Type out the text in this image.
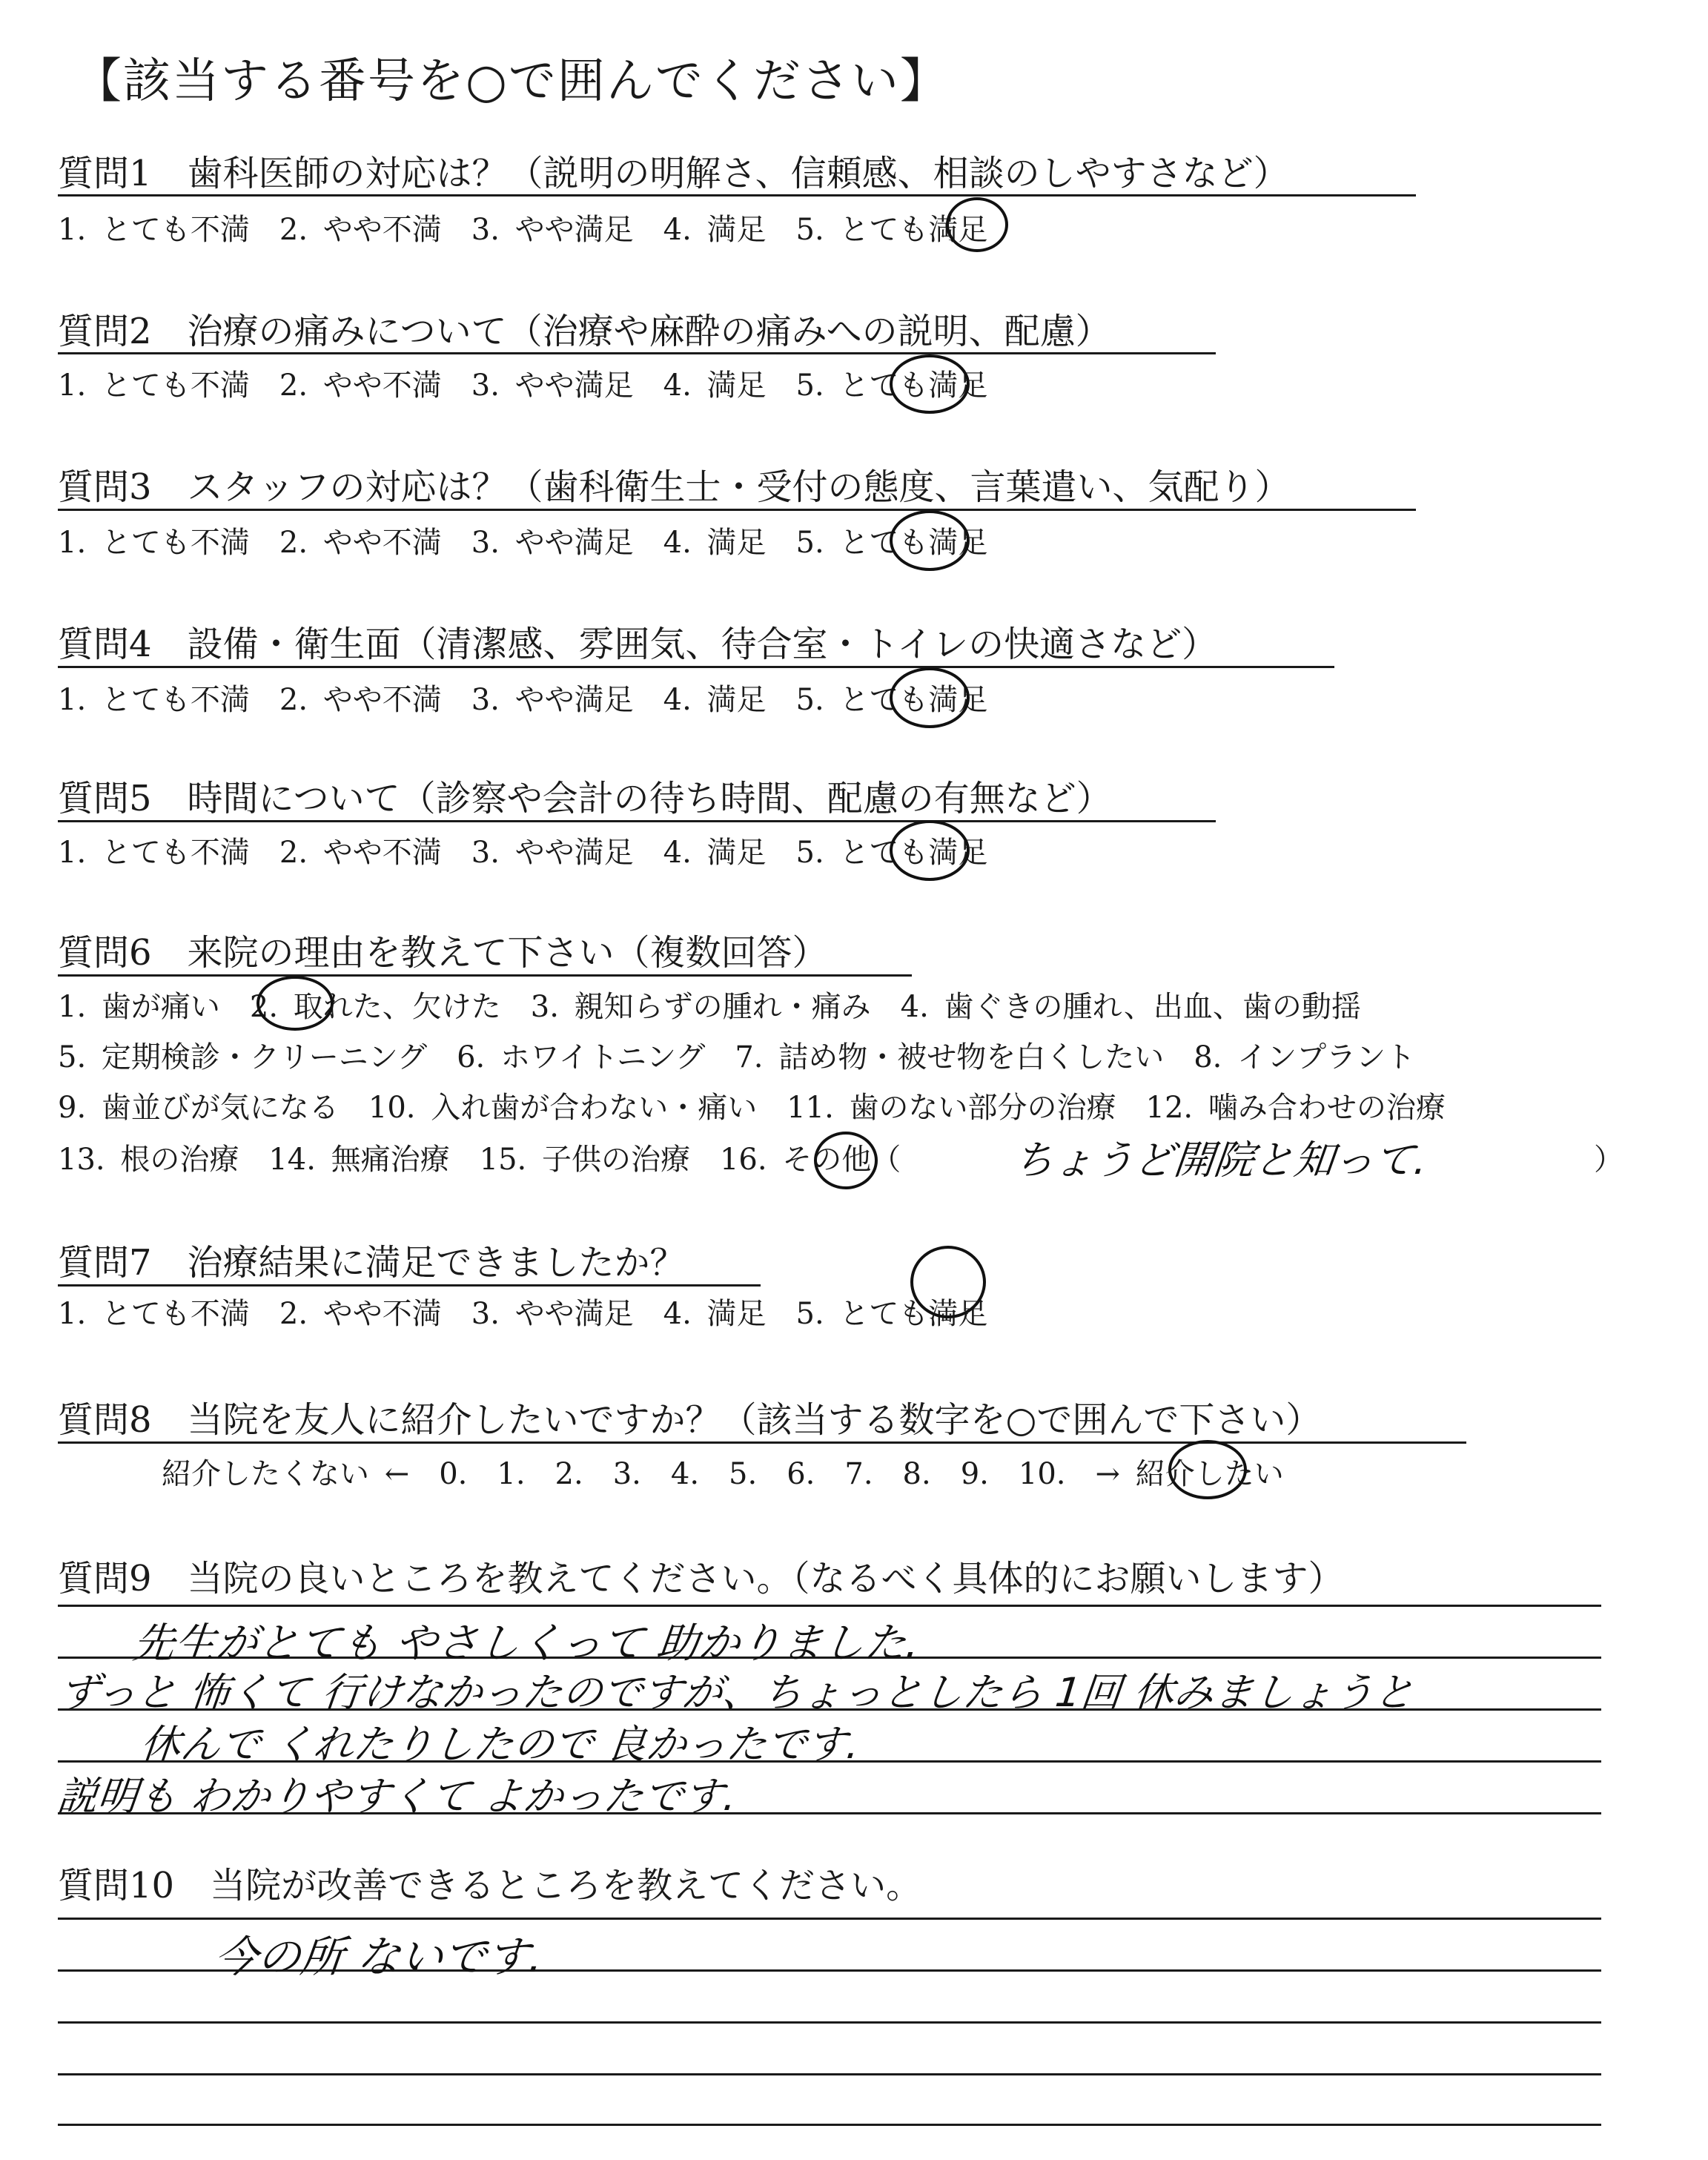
【該当する番号を○で囲んでください】
質問1　歯科医師の対応は？（説明の明解さ、信頼感、相談のしやすさなど）
1. とても不満　2. やや不満　3. やや満足　4. 満足　5. とても満足
質問2　治療の痛みについて（治療や麻酔の痛みへの説明、配慮）
1. とても不満　2. やや不満　3. やや満足　4. 満足　5. とても満足
質問3　スタッフの対応は？（歯科衛生士・受付の態度、言葉遣い、気配り）
1. とても不満　2. やや不満　3. やや満足　4. 満足　5. とても満足
質問4　設備・衛生面（清潔感、雰囲気、待合室・トイレの快適さなど）
1. とても不満　2. やや不満　3. やや満足　4. 満足　5. とても満足
質問5　時間について（診察や会計の待ち時間、配慮の有無など）
1. とても不満　2. やや不満　3. やや満足　4. 満足　5. とても満足
質問6　来院の理由を教えて下さい（複数回答）
1. 歯が痛い　2. 取れた、欠けた　3. 親知らずの腫れ・痛み　4. 歯ぐきの腫れ、出血、歯の動揺
5. 定期検診・クリーニング　6. ホワイトニング　7. 詰め物・被せ物を白くしたい　8. インプラント
9. 歯並びが気になる　10. 入れ歯が合わない・痛い　11. 歯のない部分の治療　12. 噛み合わせの治療
13. 根の治療　14. 無痛治療　15. 子供の治療　16. その他（	ちょうど開院と知って.	）
質問7　治療結果に満足できましたか？
1. とても不満　2. やや不満　3. やや満足　4. 満足　5. とても満足
質問8　当院を友人に紹介したいですか？（該当する数字を○で囲んで下さい）
紹介したくない ←　0.　1.　2.　3.　4.　5.　6.　7.　8.　9.　10.　→ 紹介したい
質問9　当院の良いところを教えてください。（なるべく具体的にお願いします）
先生がとても やさしくって 助かりました.
ずっと 怖くて 行けなかったのですが、ちょっとしたら 1回 休みましょうと
休んで くれたりしたので 良かったです.
説明も わかりやすくて よかったです.
質問10　当院が改善できるところを教えてください。
今の所 ないです.
